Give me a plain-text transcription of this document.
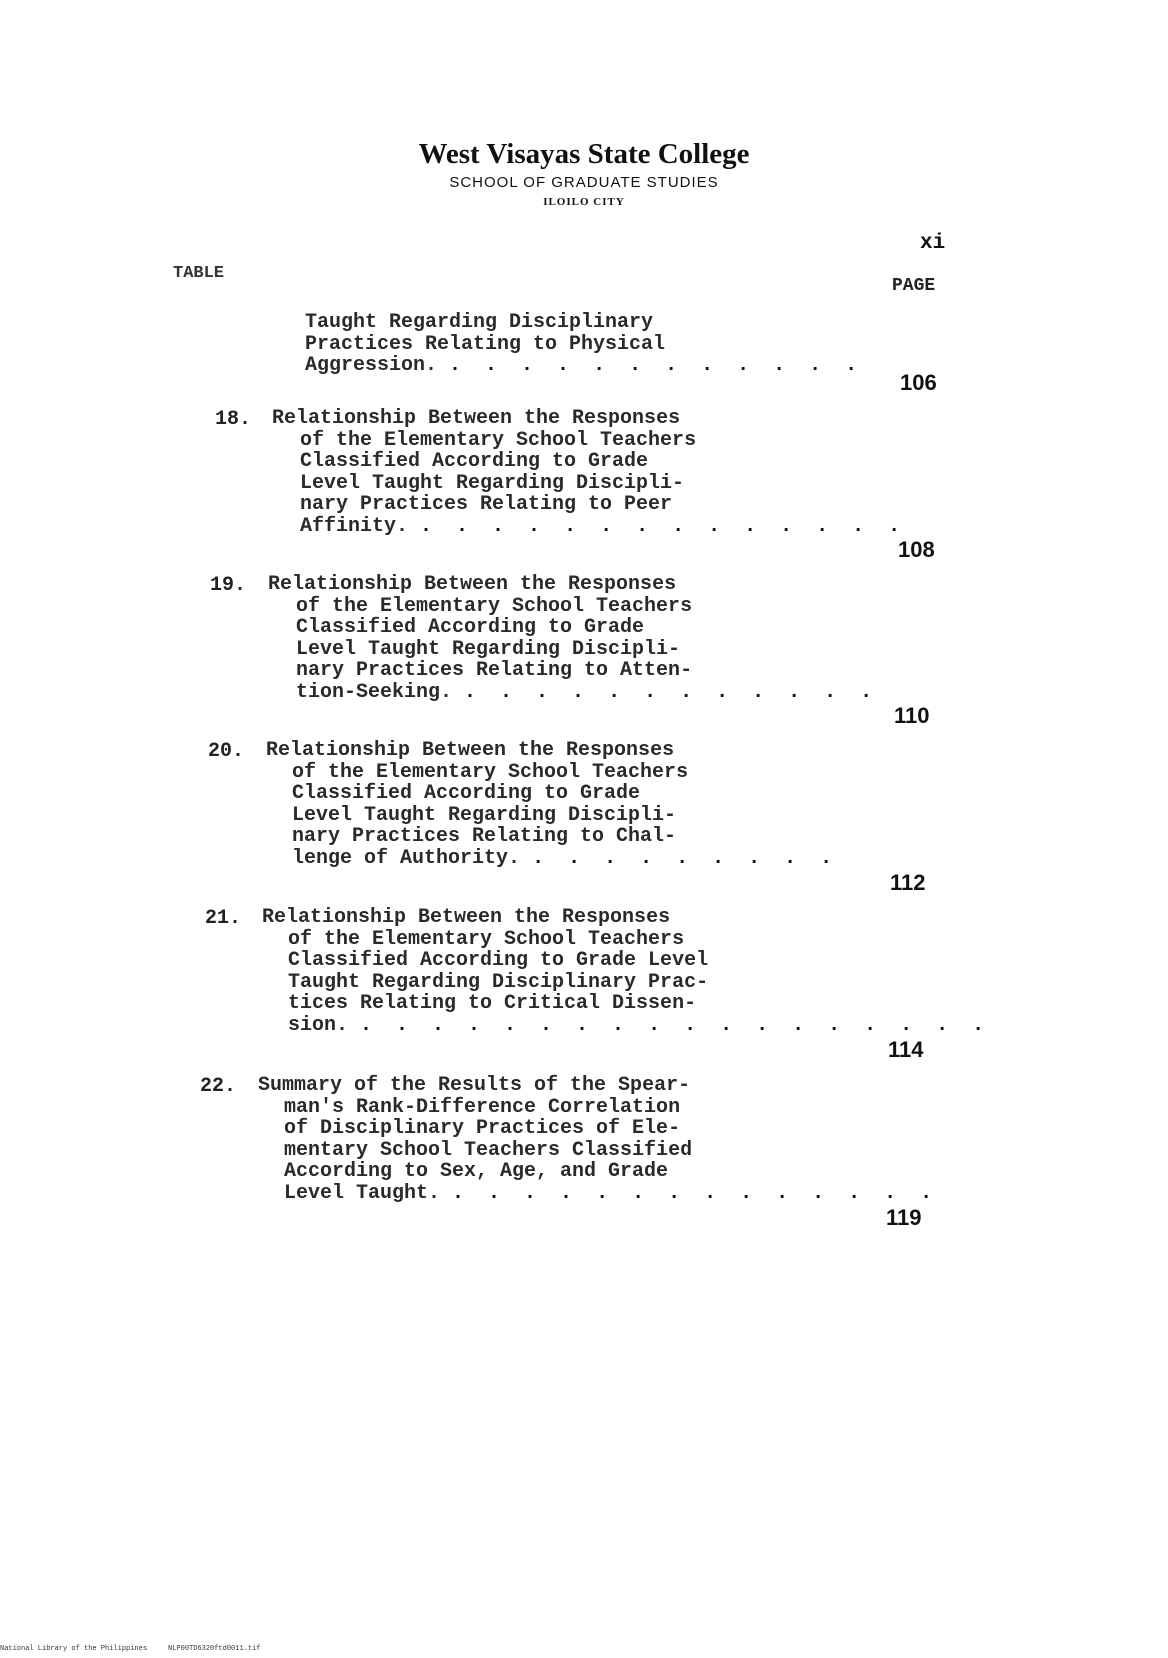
West Visayas State College
SCHOOL OF GRADUATE STUDIES
ILOILO CITY
xi
TABLE
PAGE
Taught Regarding Disciplinary
Practices Relating to Physical
Aggression. . . . . . . . . . . . .
106
18. Relationship Between the Responses
of the Elementary School Teachers
Classified According to Grade
Level Taught Regarding Discipli-
nary Practices Relating to Peer
Affinity. . . . . . . . . . . . . . .
108
19. Relationship Between the Responses
of the Elementary School Teachers
Classified According to Grade
Level Taught Regarding Discipli-
nary Practices Relating to Atten-
tion-Seeking. . . . . . . . . . . . .
110
20. Relationship Between the Responses
of the Elementary School Teachers
Classified According to Grade
Level Taught Regarding Discipli-
nary Practices Relating to Chal-
lenge of Authority. . . . . . . . . .
112
21. Relationship Between the Responses
of the Elementary School Teachers
Classified According to Grade Level
Taught Regarding Disciplinary Prac-
tices Relating to Critical Dissen-
sion. . . . . . . . . . . . . . . . . . .
114
22. Summary of the Results of the Spear-
man's Rank-Difference Correlation
of Disciplinary Practices of Ele-
mentary School Teachers Classified
According to Sex, Age, and Grade
Level Taught. . . . . . . . . . . . . . .
119
National Library of the Philippines     NLP00TD6320ftd0011.tif
